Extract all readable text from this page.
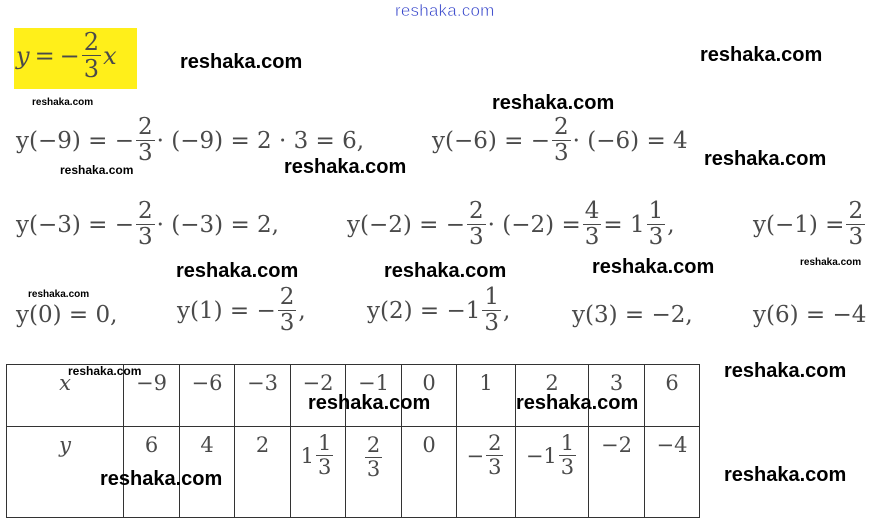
reshaka.com
y = − $\frac{2}{3}$ x
y(−9) = − $\frac{2}{3} \cdot (-9) = 2 \cdot 3 = 6$,	y(−6) = − $\frac{2}{3} \cdot (-6) = 4$
y(−3) = − $\frac{2}{3} \cdot (-3) = 2$,	y(−2) = − $\frac{2}{3} \cdot (-2) = \frac{4}{3} = 1 \frac{1}{3}$ ,	$y(-1) = \frac{2}{3}$
y(0) = 0,	y(1) = − $\frac{2}{3}$ ,	$y(2) = -1 \frac{1}{3}$ ,	y(3) = −2,	y(6) = −4
x	−9	−6	−3	−2	−1	0	1	2	3	6
y	6	4	2	$1 \frac{1}{3}$	$\frac{2}{3}$	0	− $\frac{2}{3}$	$-1 \frac{1}{3}$	−2	−4
reshaka.com	reshaka.com
reshaka.com
reshaka.com	reshaka.com
reshaka.com	reshaka.com	reshaka.com
reshaka.com
reshaka.com	reshaka.com
reshaka.com	reshaka.com
reshaka.com
reshaka.com
reshaka.com
reshaka.com
reshaka.com
